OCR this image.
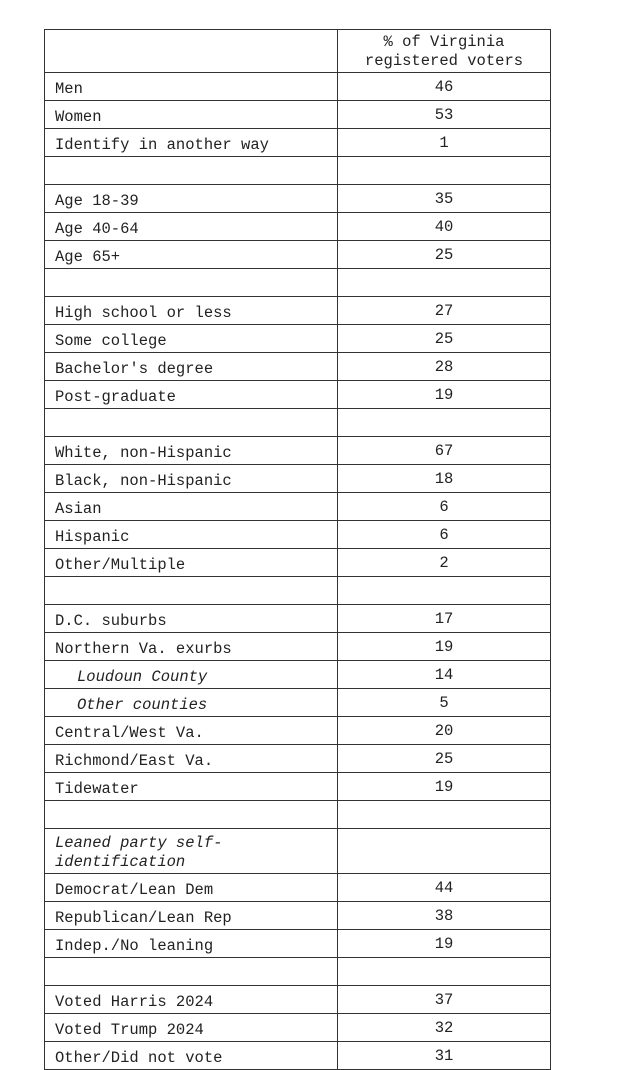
	% of Virginia
registered voters
Men	46
Women	53
Identify in another way	1

Age 18-39	35
Age 40-64	40
Age 65+	25

High school or less	27
Some college	25
Bachelor's degree	28
Post-graduate	19

White, non-Hispanic	67
Black, non-Hispanic	18
Asian	6
Hispanic	6
Other/Multiple	2

D.C. suburbs	17
Northern Va. exurbs	19
Loudoun County	14
Other counties	5
Central/West Va.	20
Richmond/East Va.	25
Tidewater	19

Leaned party self-
identification	
Democrat/Lean Dem	44
Republican/Lean Rep	38
Indep./No leaning	19

Voted Harris 2024	37
Voted Trump 2024	32
Other/Did not vote	31
